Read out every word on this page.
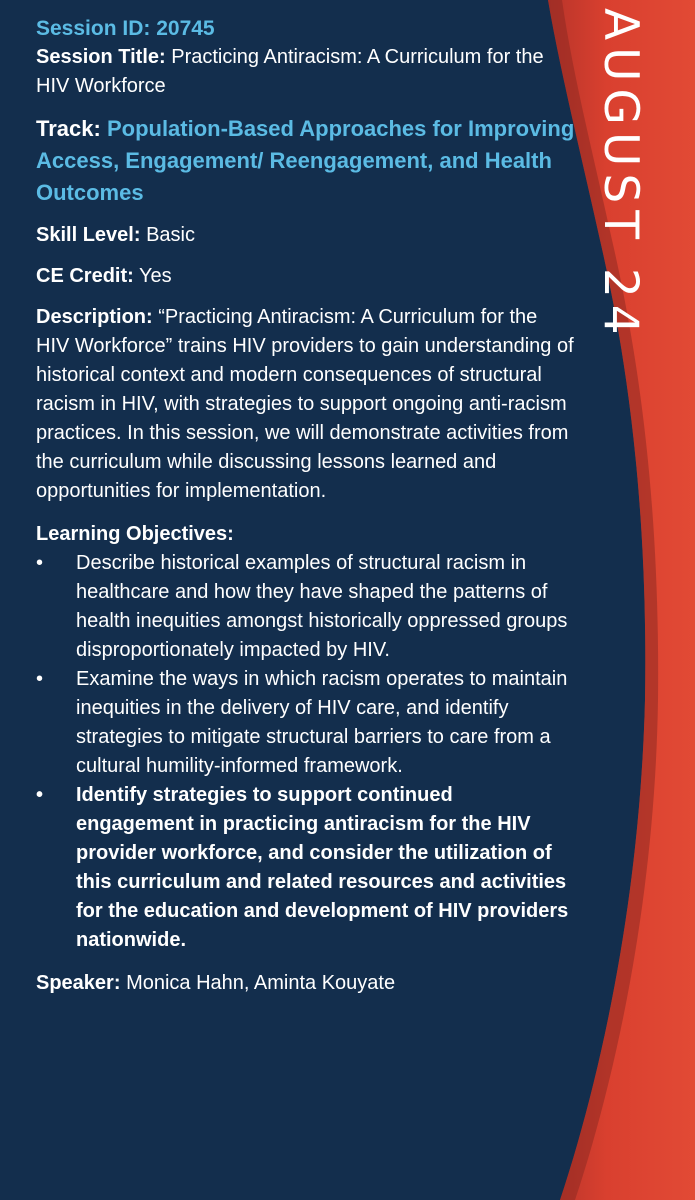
AUGUST 24

Session ID: 20745

Session Title: Practicing Antiracism: A Curriculum for the HIV Workforce

Track: Population-Based Approaches for Improving Access, Engagement/ Reengagement, and Health Outcomes

Skill Level: Basic

CE Credit: Yes

Description: “Practicing Antiracism: A Curriculum for the HIV Workforce” trains HIV providers to gain understanding of historical context and modern consequences of structural racism in HIV, with strategies to support ongoing anti-racism practices. In this session, we will demonstrate activities from the curriculum while discussing lessons learned and opportunities for implementation.

Learning Objectives:

• Describe historical examples of structural racism in healthcare and how they have shaped the patterns of health inequities amongst historically oppressed groups disproportionately impacted by HIV.
• Examine the ways in which racism operates to maintain inequities in the delivery of HIV care, and identify strategies to mitigate structural barriers to care from a cultural humility-informed framework.
• Identify strategies to support continued engagement in practicing antiracism for the HIV provider workforce, and consider the utilization of this curriculum and related resources and activities for the education and development of HIV providers nationwide.

Speaker: Monica Hahn, Aminta Kouyate
